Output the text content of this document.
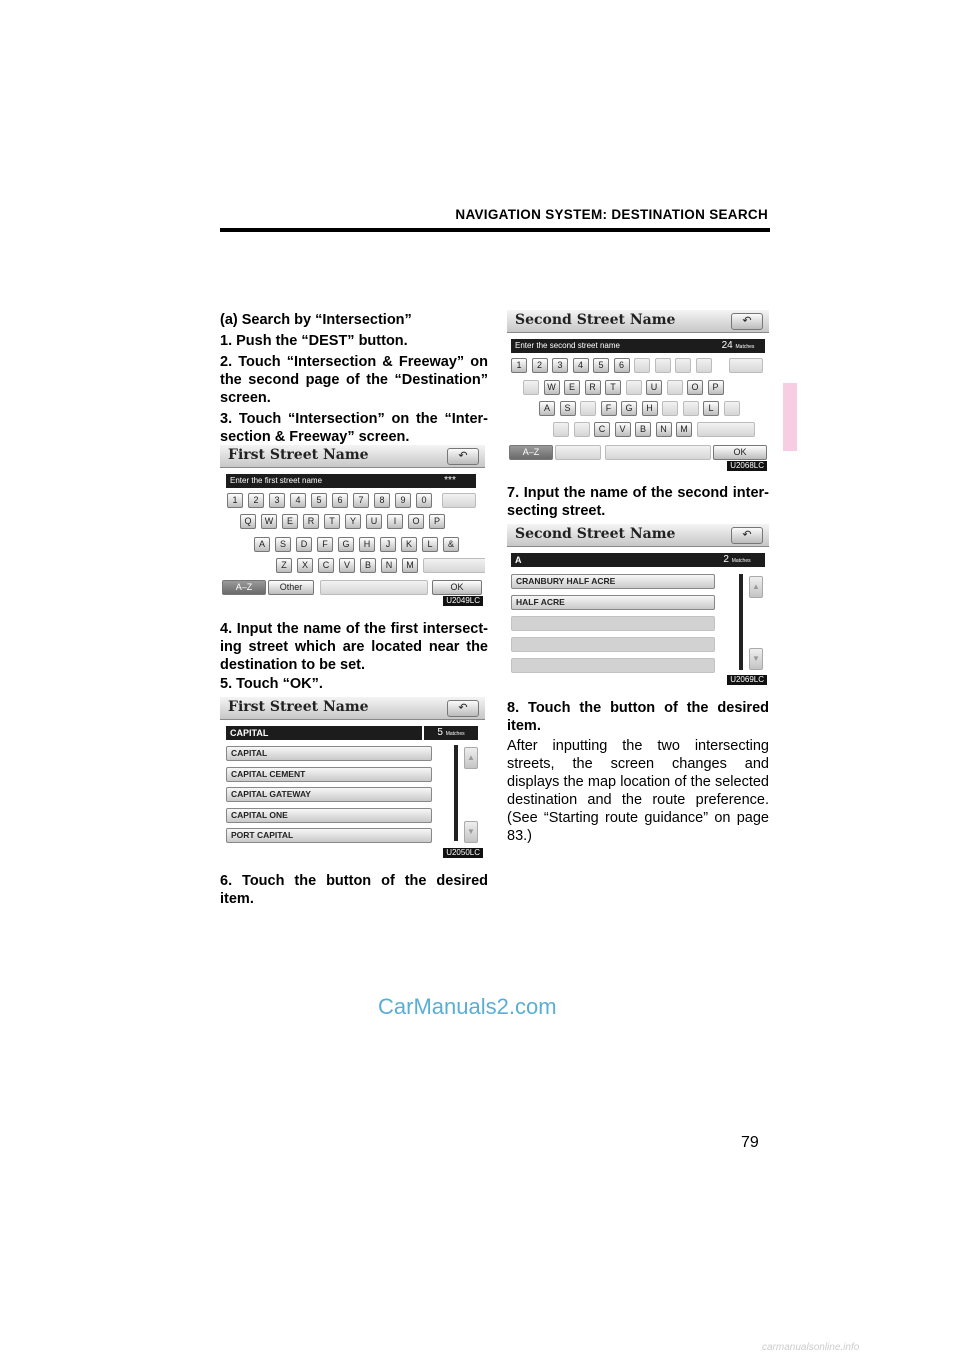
NAVIGATION SYSTEM: DESTINATION SEARCH
(a) Search by “Intersection”
1. Push the “DEST” button.
2. Touch “Intersection & Freeway” on the second page of the “Destination” screen.
3. Touch “Intersection” on the “Inter-section & Freeway” screen.
First Street Name	↶
Enter the first street name	***
A–Z	Other	OK
U2049LC
1	2	3	4	5	6	7	8	9	0
Q	W	E	R	T	Y	U	I	O	P
A	S	D	F	G	H	J	K	L	&
Z	X	C	V	B	N	M
4. Input the name of the first intersect-ing street which are located near the destination to be set.
5. Touch “OK”.
First Street Name	↶
CAPITAL	5 Matches
▲
▼
U2050LC
CAPITAL
CAPITAL CEMENT
CAPITAL GATEWAY
CAPITAL ONE
PORT CAPITAL
6. Touch the button of the desired item.
Second Street Name	↶
Enter the second street name	24 Matches
A–Z	OK
U2068LC
1	2	3	4	5	6
W	E	R	T	U	O	P
A	S	F	G	H	L
C	V	B	N	M
7. Input the name of the second inter-secting street.
Second Street Name	↶
A	2 Matches
▲
▼
U2069LC
CRANBURY HALF ACRE
HALF ACRE
8. Touch the button of the desired item.
After inputting the two intersecting streets, the screen changes and displays the map location of the selected destination and the route preference. (See “Starting route guidance” on page 83.)
CarManuals2.com
79
carmanualsonline.info
